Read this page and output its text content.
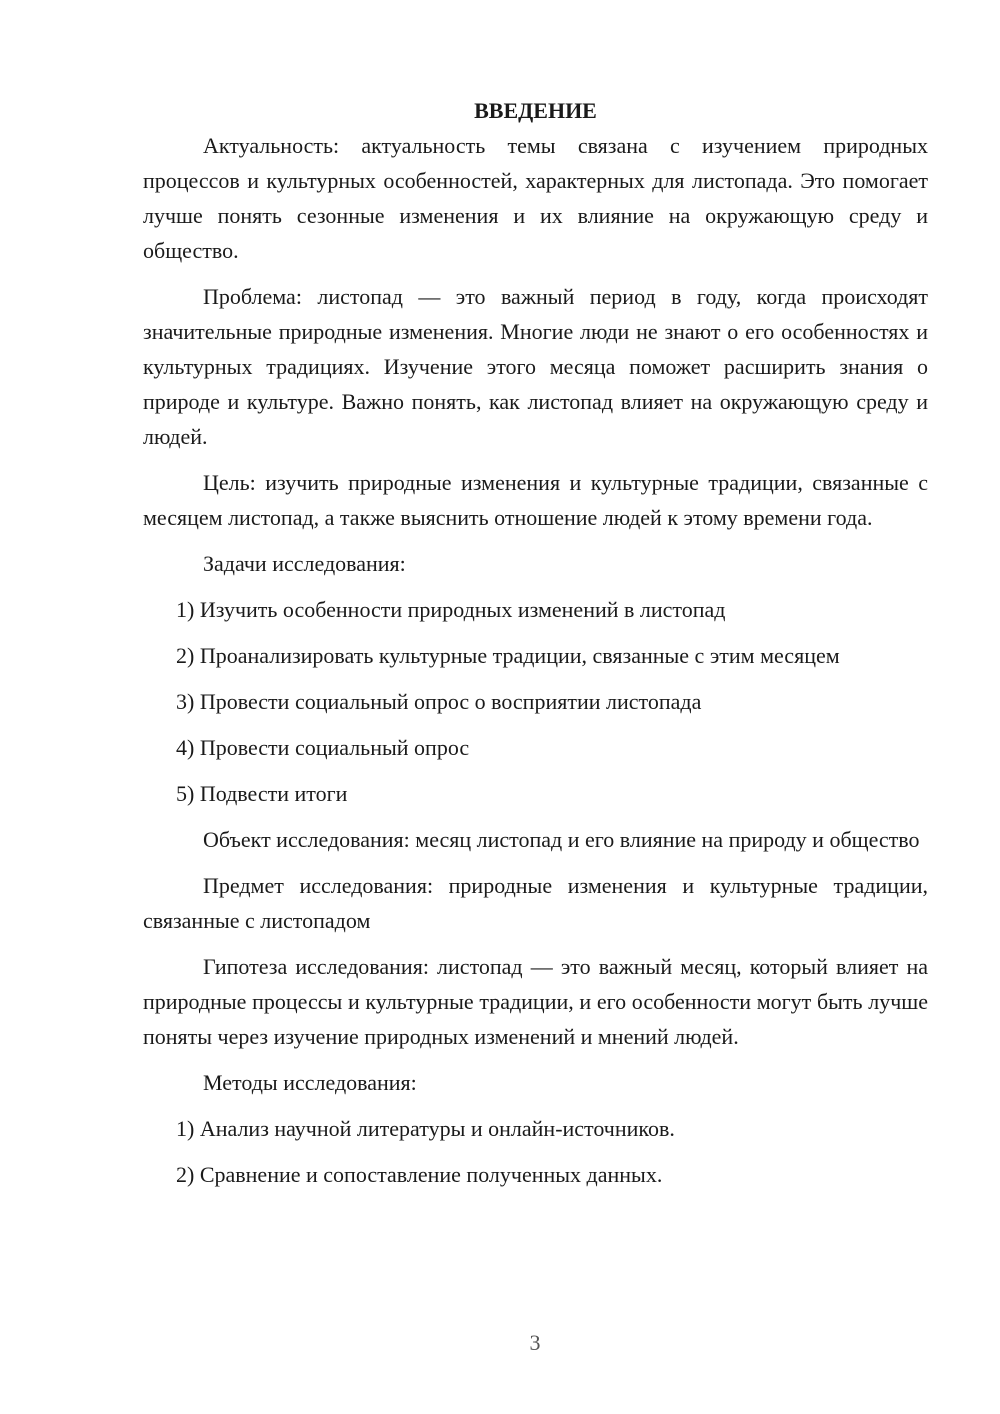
ВВЕДЕНИЕ

Актуальность: актуальность темы связана с изучением природных процессов и культурных особенностей, характерных для листопада. Это помогает лучше понять сезонные изменения и их влияние на окружающую среду и общество.

Проблема: листопад — это важный период в году, когда происходят значительные природные изменения. Многие люди не знают о его особенностях и культурных традициях. Изучение этого месяца поможет расширить знания о природе и культуре. Важно понять, как листопад влияет на окружающую среду и людей.

Цель: изучить природные изменения и культурные традиции, связанные с месяцем листопад, а также выяснить отношение людей к этому времени года.

Задачи исследования:
1) Изучить особенности природных изменений в листопад
2) Проанализировать культурные традиции, связанные с этим месяцем
3) Провести социальный опрос о восприятии листопада
4) Провести социальный опрос
5) Подвести итоги

Объект исследования: месяц листопад и его влияние на природу и общество

Предмет исследования: природные изменения и культурные традиции, связанные с листопадом

Гипотеза исследования: листопад — это важный месяц, который влияет на природные процессы и культурные традиции, и его особенности могут быть лучше поняты через изучение природных изменений и мнений людей.

Методы исследования:
1) Анализ научной литературы и онлайн-источников.
2) Сравнение и сопоставление полученных данных.
3
